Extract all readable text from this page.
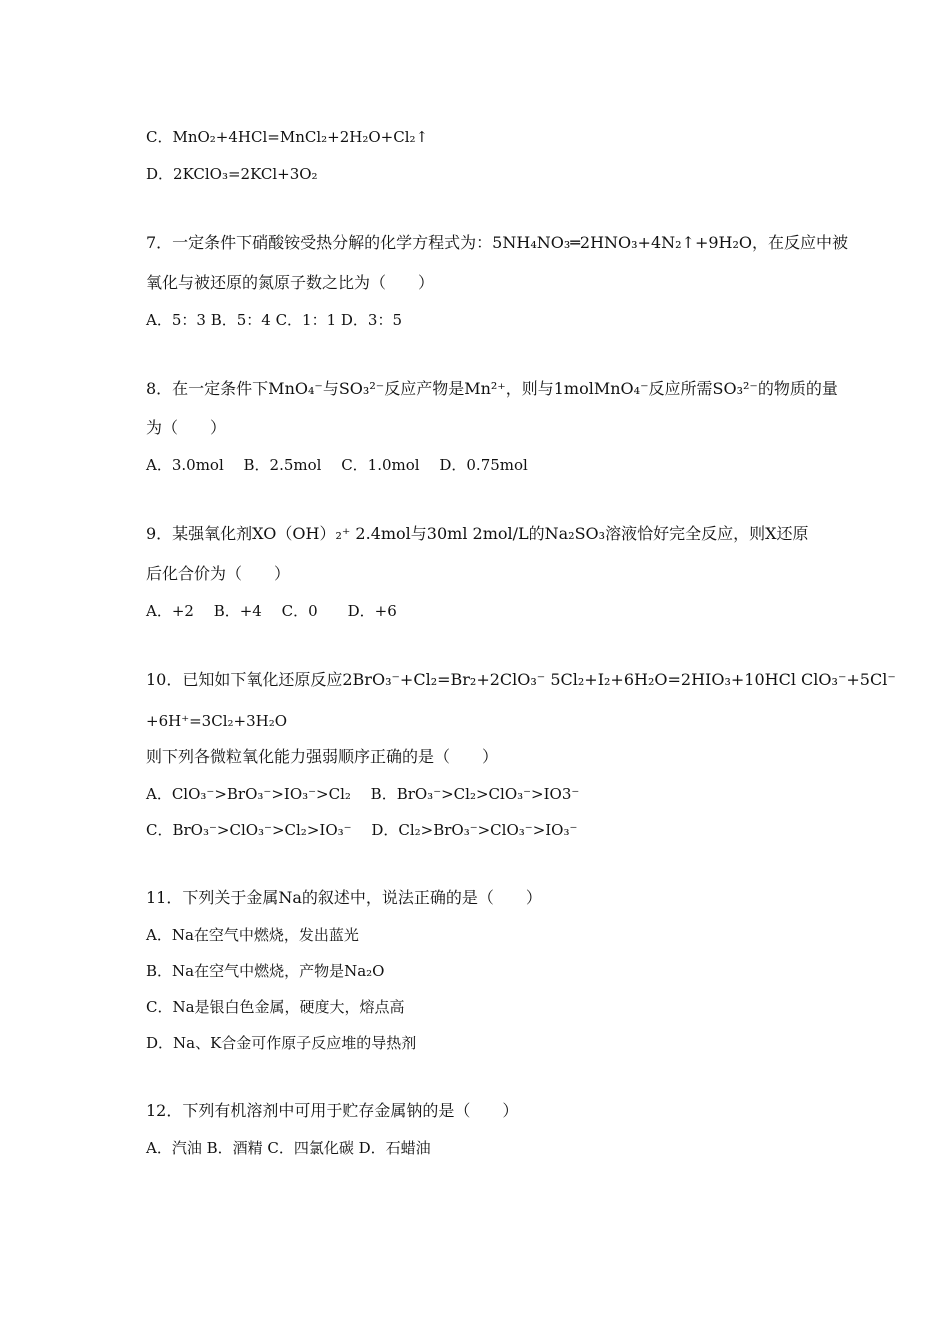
C．MnO₂+4HCl=MnCl₂+2H₂O+Cl₂↑
D．2KClO₃=2KCl+3O₂
7．一定条件下硝酸铵受热分解的化学方程式为：5NH₄NO₃═2HNO₃+4N₂↑+9H₂O，在反应中被
氧化与被还原的氮原子数之比为（　　）
A．5：3 B．5：4 C．1：1 D．3：5
8．在一定条件下MnO₄⁻与SO₃²⁻反应产物是Mn²⁺，则与1molMnO₄⁻反应所需SO₃²⁻的物质的量
为（　　）
A．3.0mol　 B．2.5mol　 C．1.0mol　 D．0.75mol
9．某强氧化剂XO（OH）₂⁺ 2.4mol与30ml 2mol/L的Na₂SO₃溶液恰好完全反应，则X还原
后化合价为（　　）
A．+2　 B．+4　 C．0　　D．+6
10．已知如下氧化还原反应2BrO₃⁻+Cl₂=Br₂+2ClO₃⁻ 5Cl₂+I₂+6H₂O=2HIO₃+10HCl ClO₃⁻+5Cl⁻
+6H⁺=3Cl₂+3H₂O
则下列各微粒氧化能力强弱顺序正确的是（　　）
A．ClO₃⁻>BrO₃⁻>IO₃⁻>Cl₂　 B．BrO₃⁻>Cl₂>ClO₃⁻>IO3⁻
C．BrO₃⁻>ClO₃⁻>Cl₂>IO₃⁻　 D．Cl₂>BrO₃⁻>ClO₃⁻>IO₃⁻
11．下列关于金属Na的叙述中，说法正确的是（　　）
A．Na在空气中燃烧，发出蓝光
B．Na在空气中燃烧，产物是Na₂O
C．Na是银白色金属，硬度大，熔点高
D．Na、K合金可作原子反应堆的导热剂
12．下列有机溶剂中可用于贮存金属钠的是（　　）
A．汽油 B．酒精 C．四氯化碳 D．石蜡油
